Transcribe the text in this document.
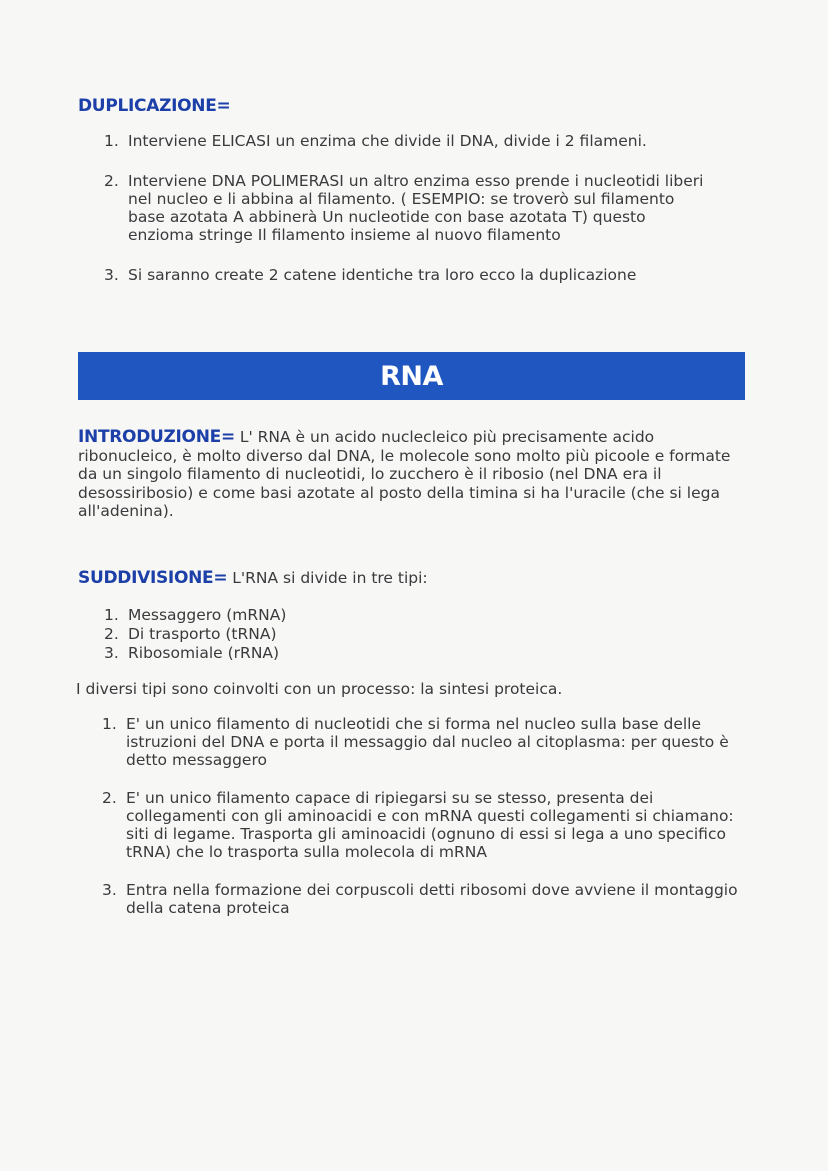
DUPLICAZIONE=
1. Interviene ELICASI un enzima che divide il DNA, divide i 2 filameni.
2. Interviene DNA POLIMERASI un altro enzima esso prende i nucleotidi liberi nel nucleo e li abbina al filamento. ( ESEMPIO: se troverò sul filamento base azotata A abbinerà Un nucleotide con base azotata T) questo enzioma stringe Il filamento insieme al nuovo filamento
3. Si saranno create 2 catene identiche tra loro ecco la duplicazione
RNA
INTRODUZIONE= L' RNA è un acido nuclecleico più precisamente acido ribonucleico, è molto diverso dal DNA, le molecole sono molto più picoole e formate da un singolo filamento di nucleotidi, lo zucchero è il ribosio (nel DNA era il desossiribosio) e come basi azotate al posto della timina si ha l'uracile (che si lega all'adenina).
SUDDIVISIONE= L'RNA si divide in tre tipi:
1. Messaggero (mRNA)
2. Di trasporto (tRNA)
3. Ribosomiale (rRNA)
I diversi tipi sono coinvolti con un processo: la sintesi proteica.
1. E' un unico filamento di nucleotidi che si forma nel nucleo sulla base delle istruzioni del DNA e porta il messaggio dal nucleo al citoplasma: per questo è detto messaggero
2. E' un unico filamento capace di ripiegarsi su se stesso, presenta dei collegamenti con gli aminoacidi e con mRNA questi collegamenti si chiamano: siti di legame. Trasporta gli aminoacidi (ognuno di essi si lega a uno specifico tRNA) che lo trasporta sulla molecola di mRNA
3. Entra nella formazione dei corpuscoli detti ribosomi dove avviene il montaggio della catena proteica
